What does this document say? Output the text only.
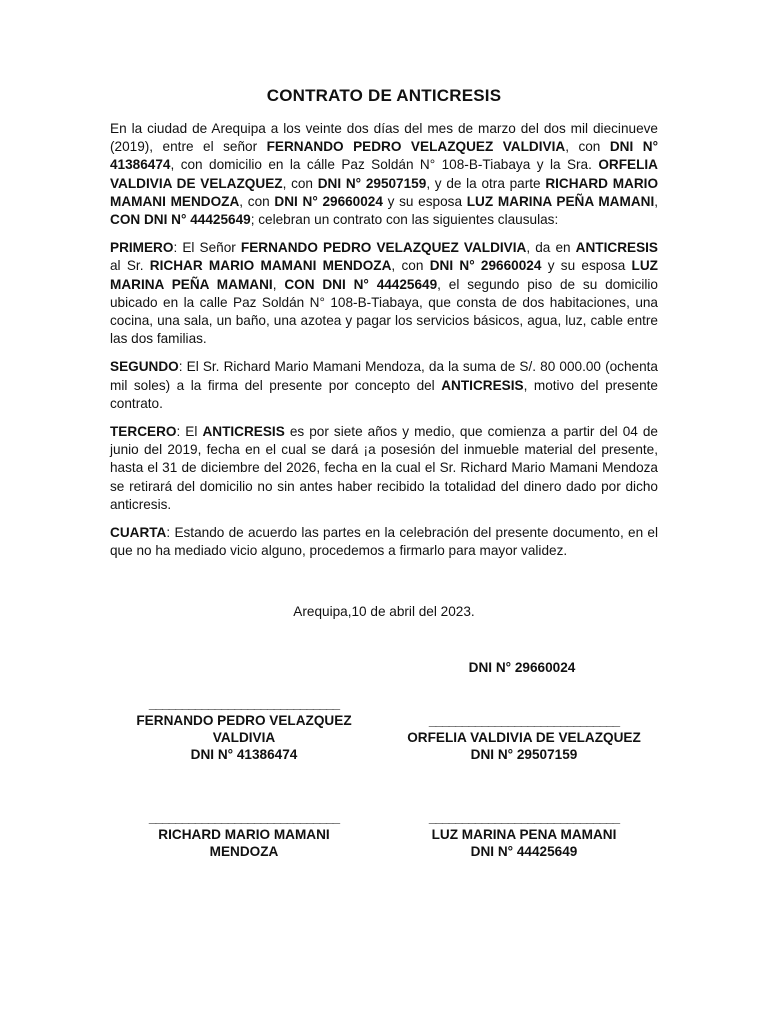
CONTRATO DE ANTICRESIS

En la ciudad de Arequipa a los veinte dos días del mes de marzo del dos mil diecinueve (2019), entre el señor FERNANDO PEDRO VELAZQUEZ VALDIVIA, con DNI N° 41386474, con domicilio en la cálle Paz Soldán N° 108-B-Tiabaya y la Sra. ORFELIA VALDIVIA DE VELAZQUEZ, con DNI N° 29507159, y de la otra parte RICHARD MARIO MAMANI MENDOZA, con DNI N° 29660024 y su esposa LUZ MARINA PEÑA MAMANI, CON DNI N° 44425649; celebran un contrato con las siguientes clausulas:

PRIMERO: El Señor FERNANDO PEDRO VELAZQUEZ VALDIVIA, da en ANTICRESIS al Sr. RICHAR MARIO MAMANI MENDOZA, con DNI N° 29660024 y su esposa LUZ MARINA PEÑA MAMANI, CON DNI N° 44425649, el segundo piso de su domicilio ubicado en la calle Paz Soldán N° 108-B-Tiabaya, que consta de dos habitaciones, una cocina, una sala, un baño, una azotea y pagar los servicios básicos, agua, luz, cable entre las dos familias.

SEGUNDO: El Sr. Richard Mario Mamani Mendoza, da la suma de S/. 80 000.00 (ochenta mil soles) a la firma del presente por concepto del ANTICRESIS, motivo del presente contrato.

TERCERO: El ANTICRESIS es por siete años y medio, que comienza a partir del 04 de junio del 2019, fecha en el cual se dará ¡a posesión del inmueble material del presente, hasta el 31 de diciembre del 2026, fecha en la cual el Sr. Richard Mario Mamani Mendoza se retirará del domicilio no sin antes haber recibido la totalidad del dinero dado por dicho anticresis.

CUARTA: Estando de acuerdo las partes en la celebración del presente documento, en el que no ha mediado vicio alguno, procedemos a firmarlo para mayor validez.

Arequipa,10 de abril del 2023.
DNI N° 29660024
_____________________________
FERNANDO PEDRO VELAZQUEZ
VALDIVIA
DNI N° 41386474
_____________________________
ORFELIA VALDIVIA DE VELAZQUEZ
DNI N° 29507159
_____________________________
RICHARD MARIO MAMANI
MENDOZA
_____________________________
LUZ MARINA PENA MAMANI
DNI N° 44425649
